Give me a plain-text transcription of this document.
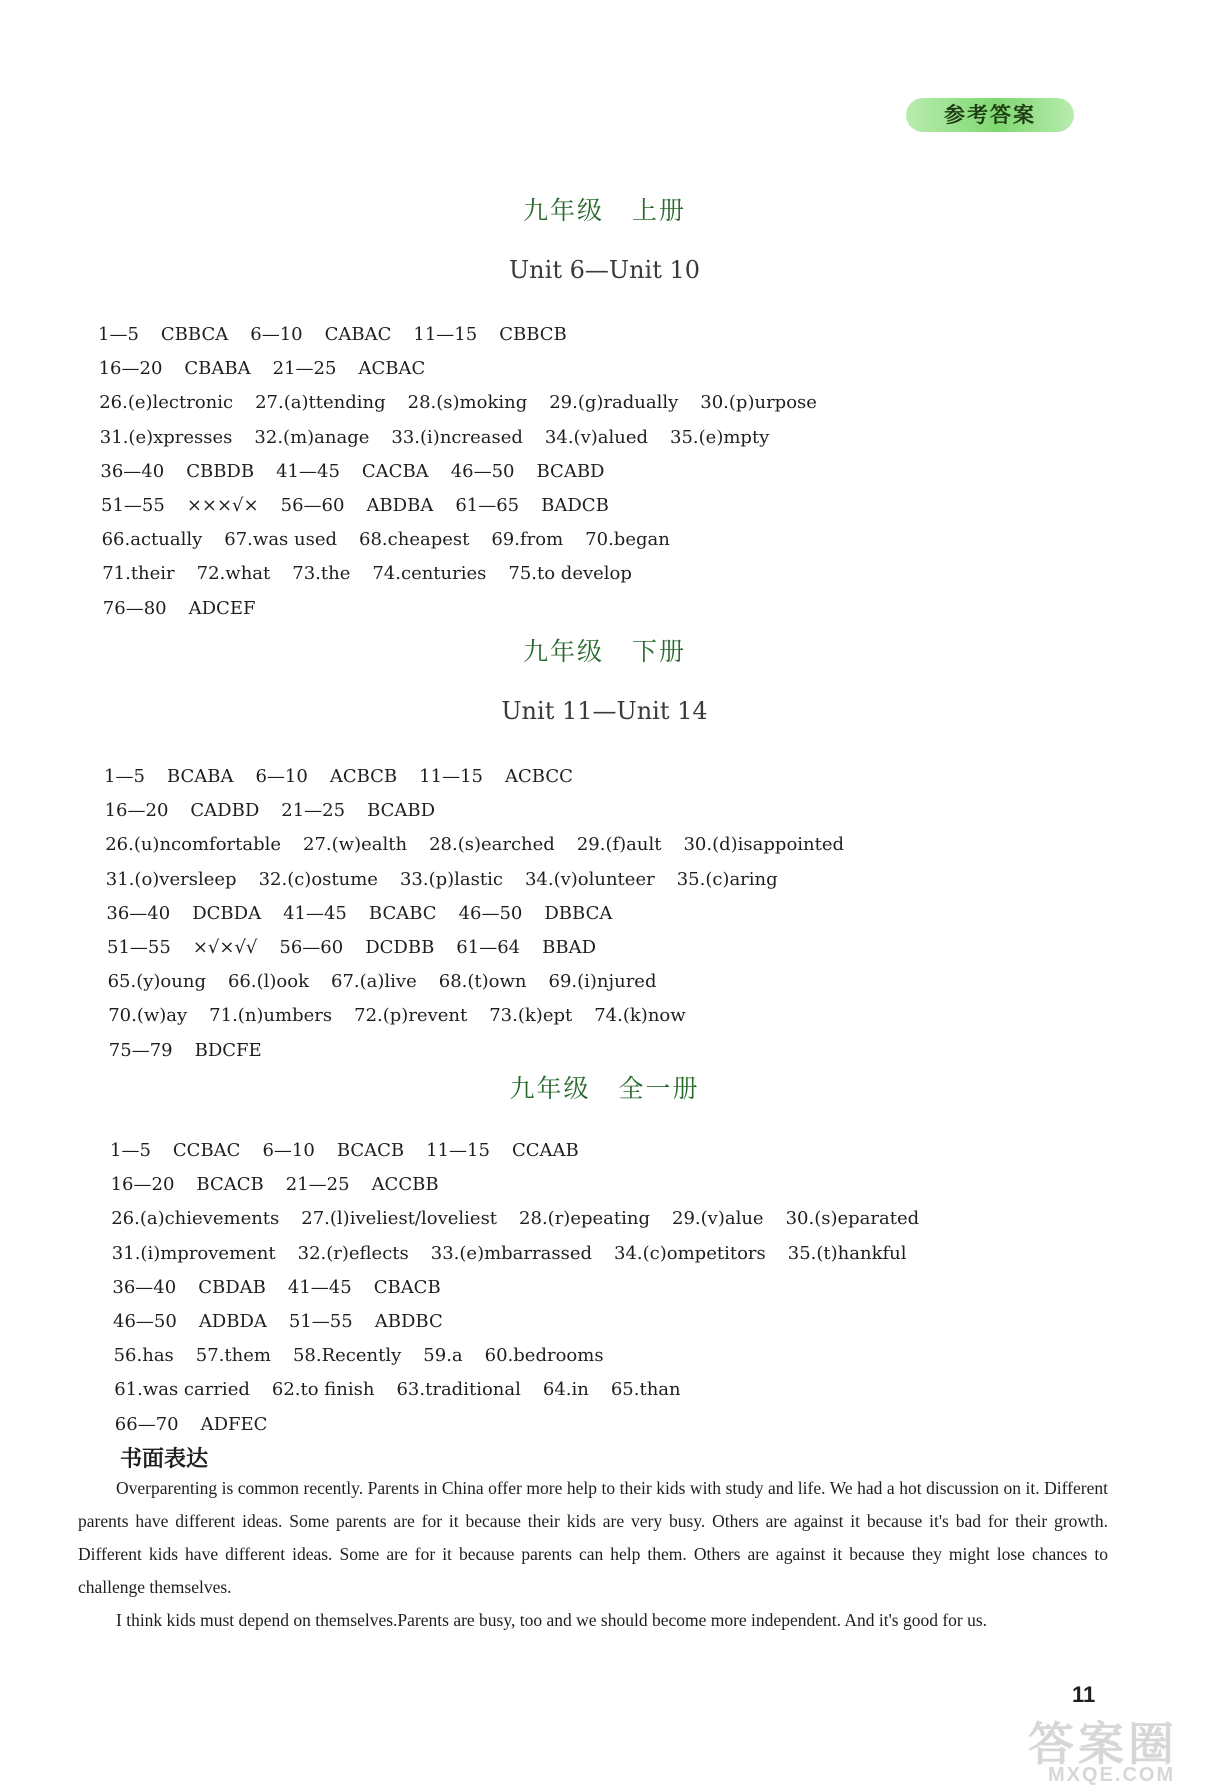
参考答案
九年级 上册
Unit 6—Unit 10
1—5 CBBCA 6—10 CABAC 11—15 CBBCB
16—20 CBABA 21—25 ACBAC
26.(e)lectronic 27.(a)ttending 28.(s)moking 29.(g)radually 30.(p)urpose
31.(e)xpresses 32.(m)anage 33.(i)ncreased 34.(v)alued 35.(e)mpty
36—40 CBBDB 41—45 CACBA 46—50 BCABD
51—55 ×××√× 56—60 ABDBA 61—65 BADCB
66.actually 67.was used 68.cheapest 69.from 70.began
71.their 72.what 73.the 74.centuries 75.to develop
76—80 ADCEF
九年级 下册
Unit 11—Unit 14
1—5 BCABA 6—10 ACBCB 11—15 ACBCC
16—20 CADBD 21—25 BCABD
26.(u)ncomfortable 27.(w)ealth 28.(s)earched 29.(f)ault 30.(d)isappointed
31.(o)versleep 32.(c)ostume 33.(p)lastic 34.(v)olunteer 35.(c)aring
36—40 DCBDA 41—45 BCABC 46—50 DBBCA
51—55 ×√×√√ 56—60 DCDBB 61—64 BBAD
65.(y)oung 66.(l)ook 67.(a)live 68.(t)own 69.(i)njured
70.(w)ay 71.(n)umbers 72.(p)revent 73.(k)ept 74.(k)now
75—79 BDCFE
九年级 全一册
1—5 CCBAC 6—10 BCACB 11—15 CCAAB
16—20 BCACB 21—25 ACCBB
26.(a)chievements 27.(l)iveliest/loveliest 28.(r)epeating 29.(v)alue 30.(s)eparated
31.(i)mprovement 32.(r)eflects 33.(e)mbarrassed 34.(c)ompetitors 35.(t)hankful
36—40 CBDAB 41—45 CBACB
46—50 ADBDA 51—55 ABDBC
56.has 57.them 58.Recently 59.a 60.bedrooms
61.was carried 62.to finish 63.traditional 64.in 65.than
66—70 ADFEC
书面表达

Overparenting is common recently. Parents in China offer more help to their kids with study and life. We had a hot discussion on it. Different parents have different ideas. Some parents are for it because their kids are very busy. Others are against it because it's bad for their growth. Different kids have different ideas. Some are for it because parents can help them. Others are against it because they might lose chances to challenge themselves.

I think kids must depend on themselves.Parents are busy, too and we should become more independent. And it's good for us.

11
答案圈
MXQE.COM
